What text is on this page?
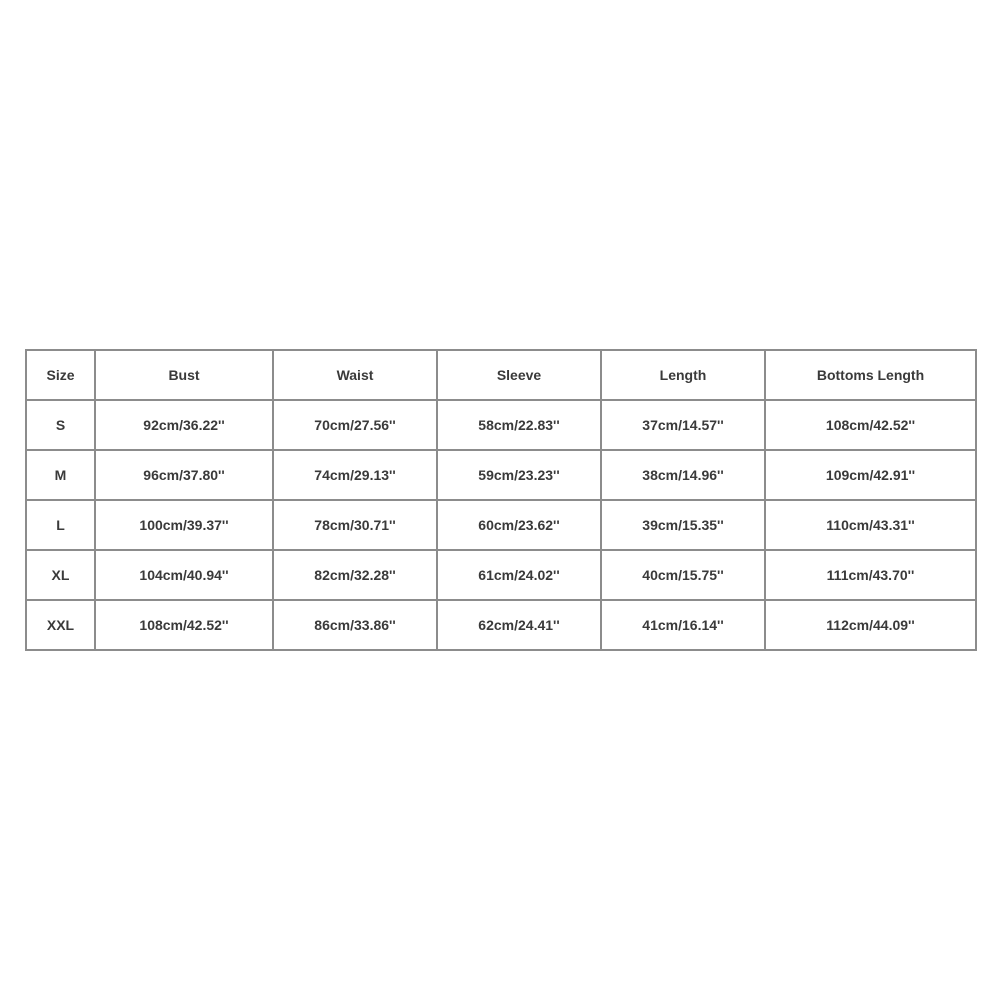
Size	Bust	Waist	Sleeve	Length	Bottoms Length
S	92cm/36.22''	70cm/27.56''	58cm/22.83''	37cm/14.57''	108cm/42.52''
M	96cm/37.80''	74cm/29.13''	59cm/23.23''	38cm/14.96''	109cm/42.91''
L	100cm/39.37''	78cm/30.71''	60cm/23.62''	39cm/15.35''	110cm/43.31''
XL	104cm/40.94''	82cm/32.28''	61cm/24.02''	40cm/15.75''	111cm/43.70''
XXL	108cm/42.52''	86cm/33.86''	62cm/24.41''	41cm/16.14''	112cm/44.09''
